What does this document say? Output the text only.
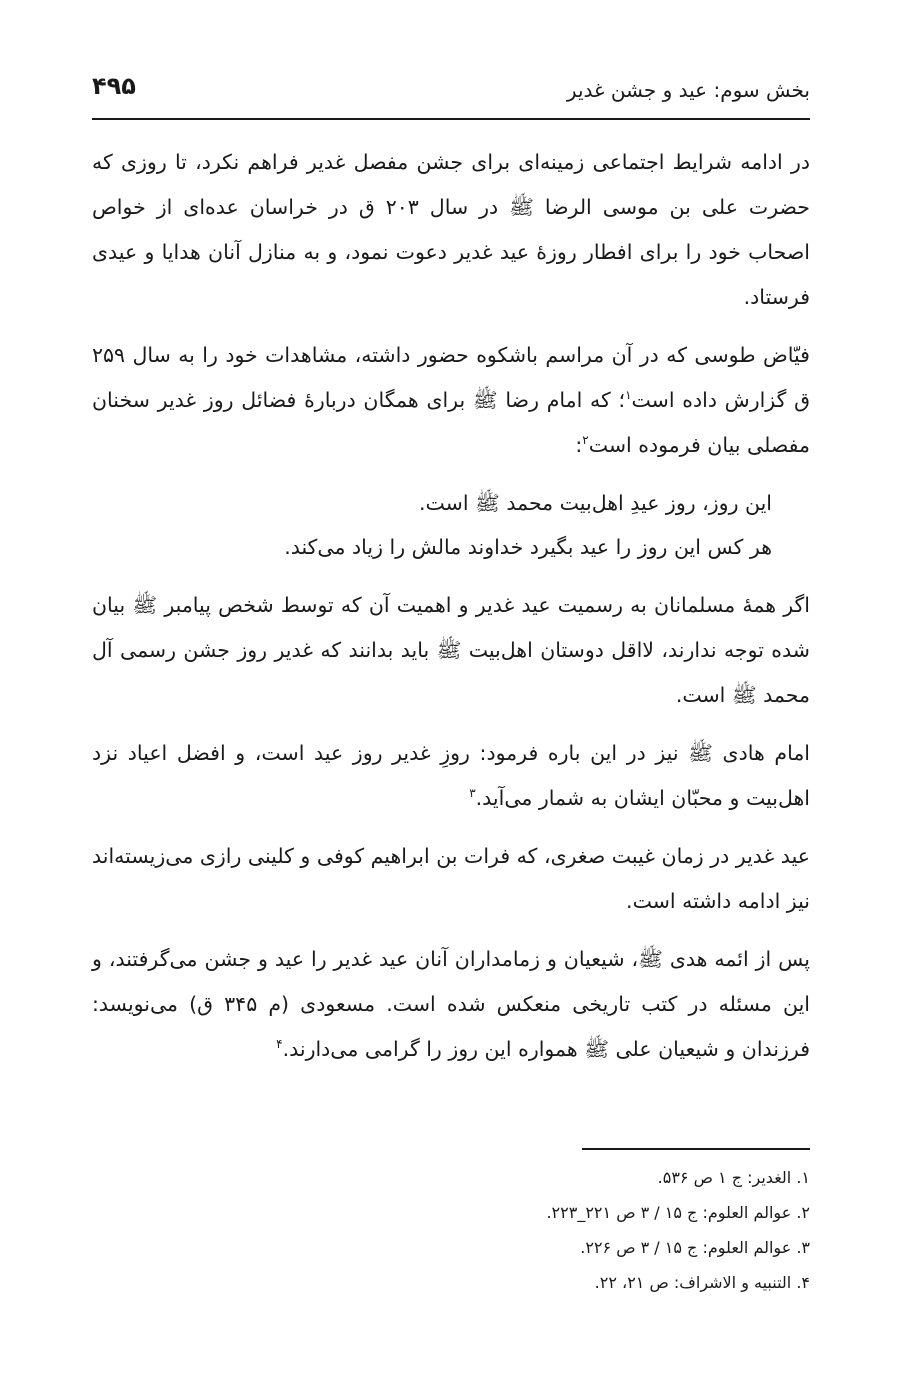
بخش سوم: عید و جشن غدیر
۴۹۵

در ادامه شرایط اجتماعی زمینه‌ای برای جشن مفصل غدیر فراهم نکرد، تا روزی که حضرت علی بن موسی الرضا ﷺ در سال ۲۰۳ ق در خراسان عده‌ای از خواص اصحاب خود را برای افطار روزهٔ عید غدیر دعوت نمود، و به منازل آنان هدایا و عیدی فرستاد.

فیّاض طوسی که در آن مراسم باشکوه حضور داشته، مشاهدات خود را به سال ۲۵۹ ق گزارش داده است$^۱$؛ که امام رضا ﷺ برای همگان دربارهٔ فضائل روز غدیر سخنان مفصلی بیان فرموده است$^۲$:

این روز، روز عیدِ اهل‌بیت محمد ﷺ است.
هر کس این روز را عید بگیرد خداوند مالش را زیاد می‌کند.

اگر همهٔ مسلمانان به رسمیت عید غدیر و اهمیت آن که توسط شخص پیامبر ﷺ بیان شده توجه ندارند، لااقل دوستان اهل‌بیت ﷺ باید بدانند که غدیر روز جشن رسمی آل محمد ﷺ است.

امام هادی ﷺ نیز در این باره فرمود: روزِ غدیر روز عید است، و افضل اعیاد نزد اهل‌بیت و محبّان ایشان به شمار می‌آید.$^۳$

عید غدیر در زمان غیبت صغری، که فرات بن ابراهیم کوفی و کلینی رازی می‌زیسته‌اند نیز ادامه داشته است.

پس از ائمه هدی ﷺ، شیعیان و زمامداران آنان عید غدیر را عید و جشن می‌گرفتند، و این مسئله در کتب تاریخی منعکس شده است. مسعودی (م ۳۴۵ ق) می‌نویسد: فرزندان و شیعیان علی ﷺ همواره این روز را گرامی می‌دارند.$^۴$

۱. الغدیر: ج ۱ ص ۵۳۶.
۲. عوالم العلوم: ج ۱۵ / ۳ ص ۲۲۱_۲۲۳.
۳. عوالم العلوم: ج ۱۵ / ۳ ص ۲۲۶.
۴. التنبیه و الاشراف: ص ۲۱، ۲۲.
